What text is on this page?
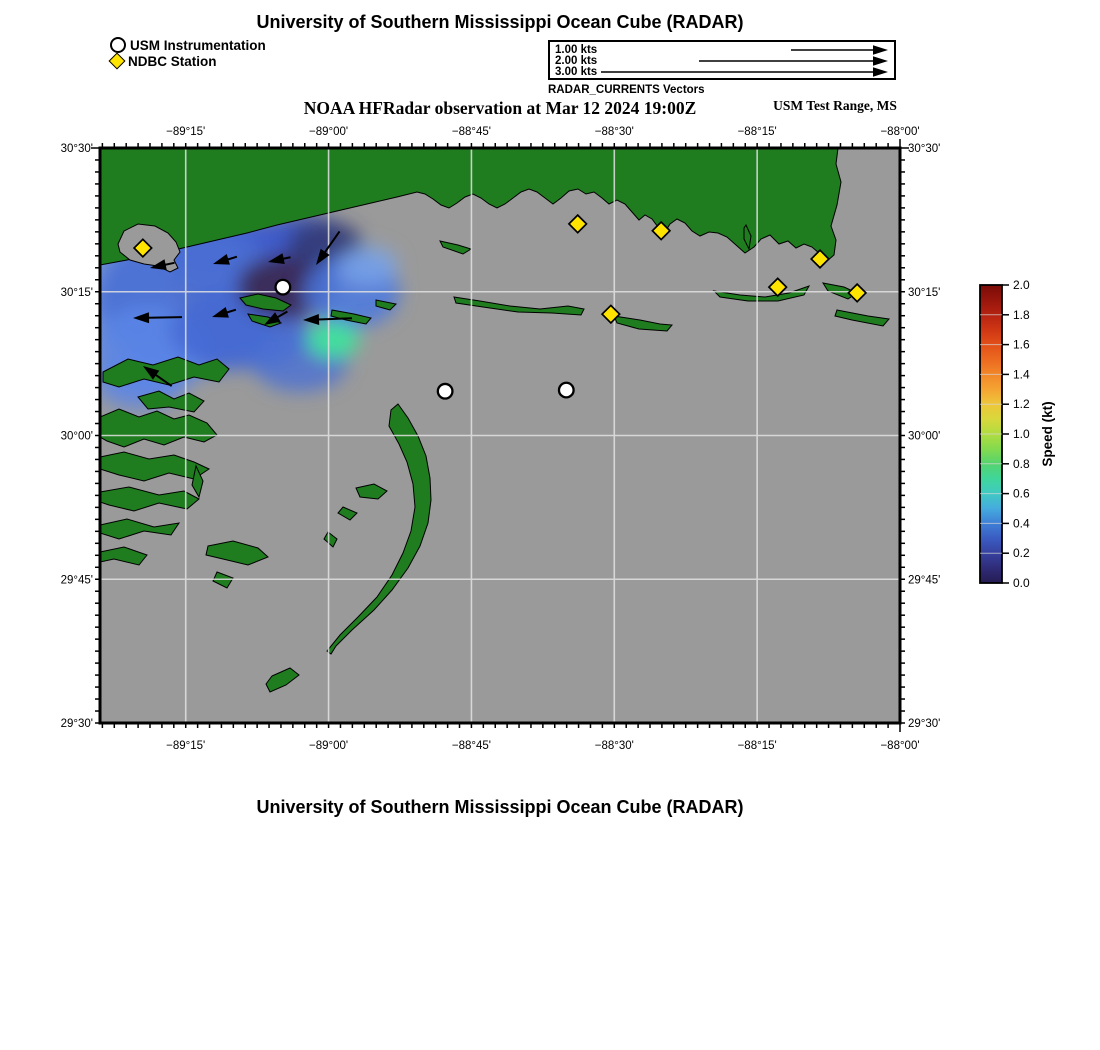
University of Southern Mississippi Ocean Cube (RADAR)
USM Instrumentation
NDBC Station
1.00 kts
2.00 kts
3.00 kts
RADAR_CURRENTS Vectors
NOAA HFRadar observation at Mar 12 2024 19:00Z	USM Test Range, MS
−89°15'
−89°15'
−89°00'
−89°00'
−88°45'
−88°45'
−88°30'
−88°30'
−88°15'
−88°15'
−88°00'
−88°00'
30°30'	30°30'
30°15'	30°15'
30°00'	30°00'
29°45'	29°45'
29°30'	29°30'
0.0
0.2
0.4
0.6
0.8
1.0
1.2
1.4
1.6
1.8
2.0
Speed (kt)
University of Southern Mississippi Ocean Cube (RADAR)
